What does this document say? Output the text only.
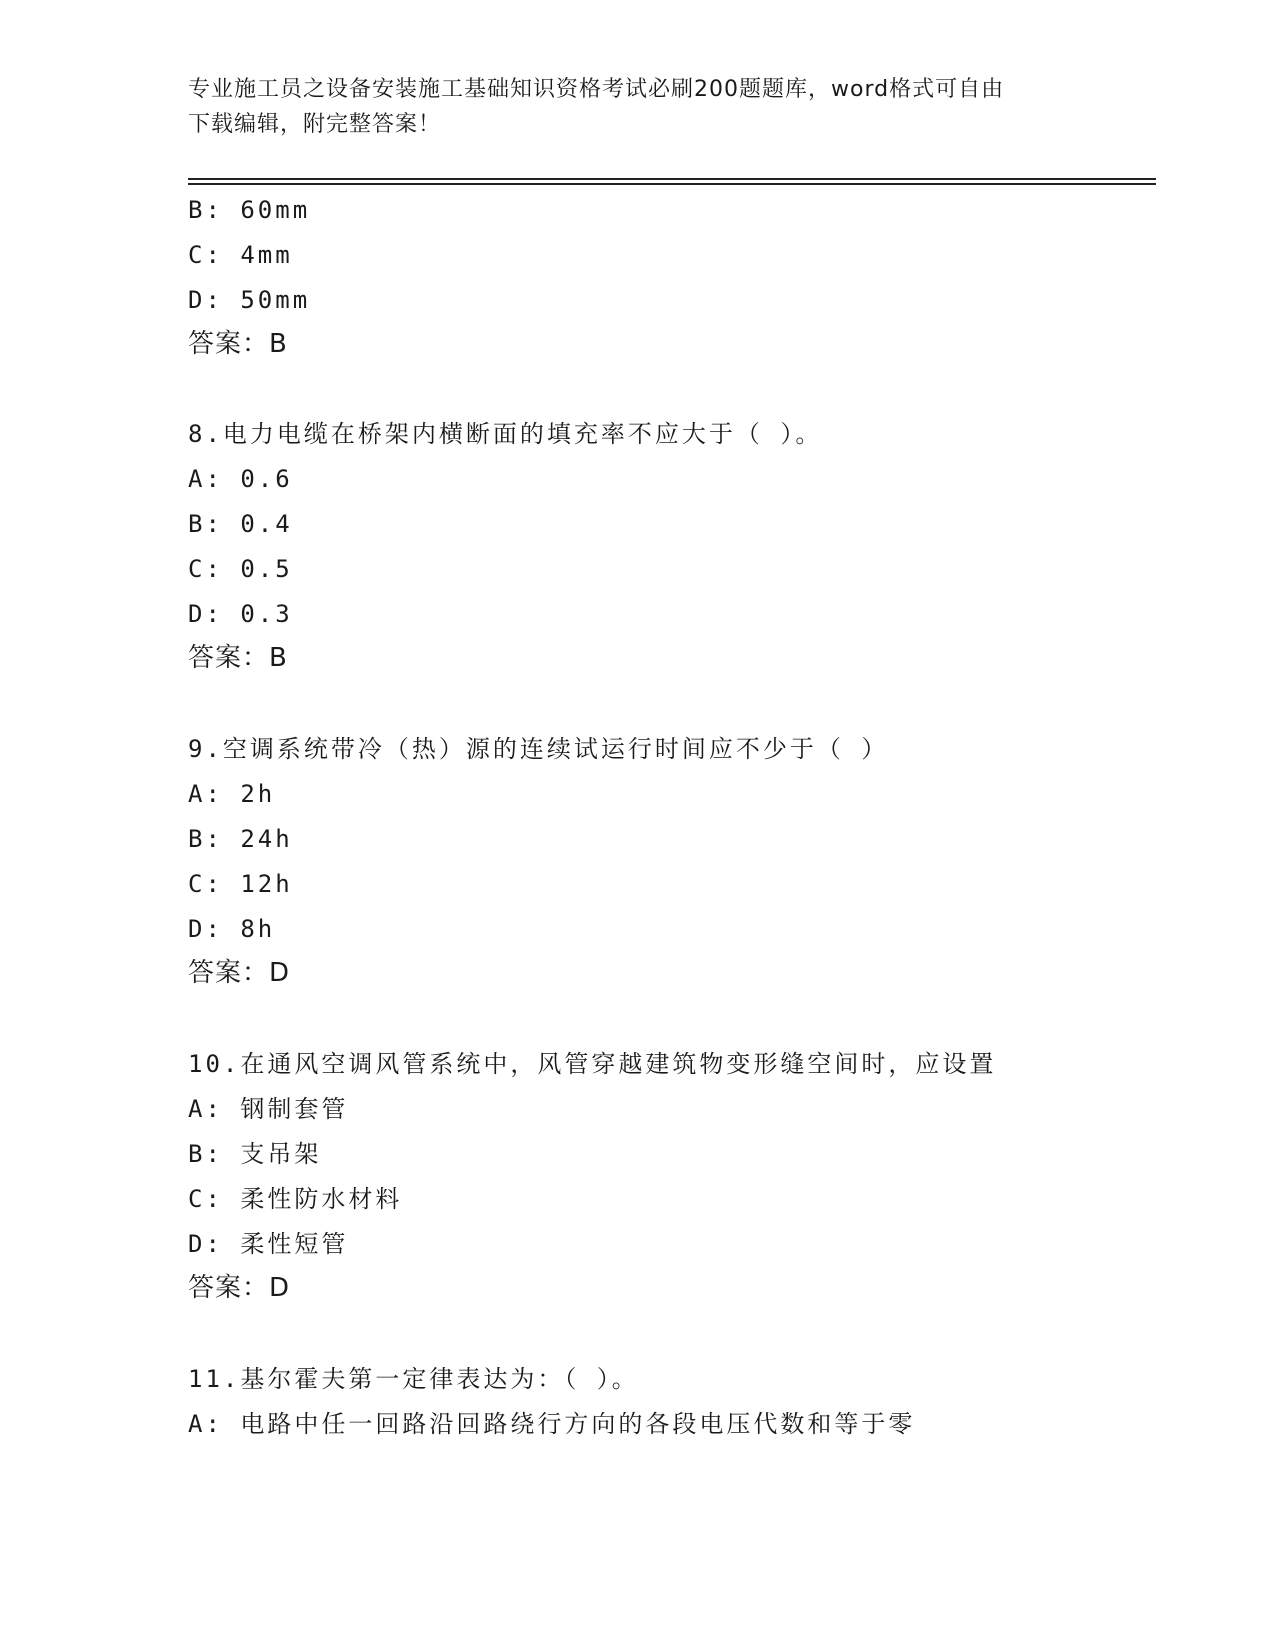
专业施工员之设备安装施工基础知识资格考试必刷200题题库，word格式可自由
下载编辑，附完整答案！
B: 60mm
C: 4mm
D: 50mm
答案：B
8.电力电缆在桥架内横断面的填充率不应大于（ ）。
A: 0.6
B: 0.4
C: 0.5
D: 0.3
答案：B
9.空调系统带冷（热）源的连续试运行时间应不少于（ ）
A: 2h
B: 24h
C: 12h
D: 8h
答案：D
10.在通风空调风管系统中，风管穿越建筑物变形缝空间时，应设置
A: 钢制套管
B: 支吊架
C: 柔性防水材料
D: 柔性短管
答案：D
11.基尔霍夫第一定律表达为：（ ）。
A: 电路中任一回路沿回路绕行方向的各段电压代数和等于零
